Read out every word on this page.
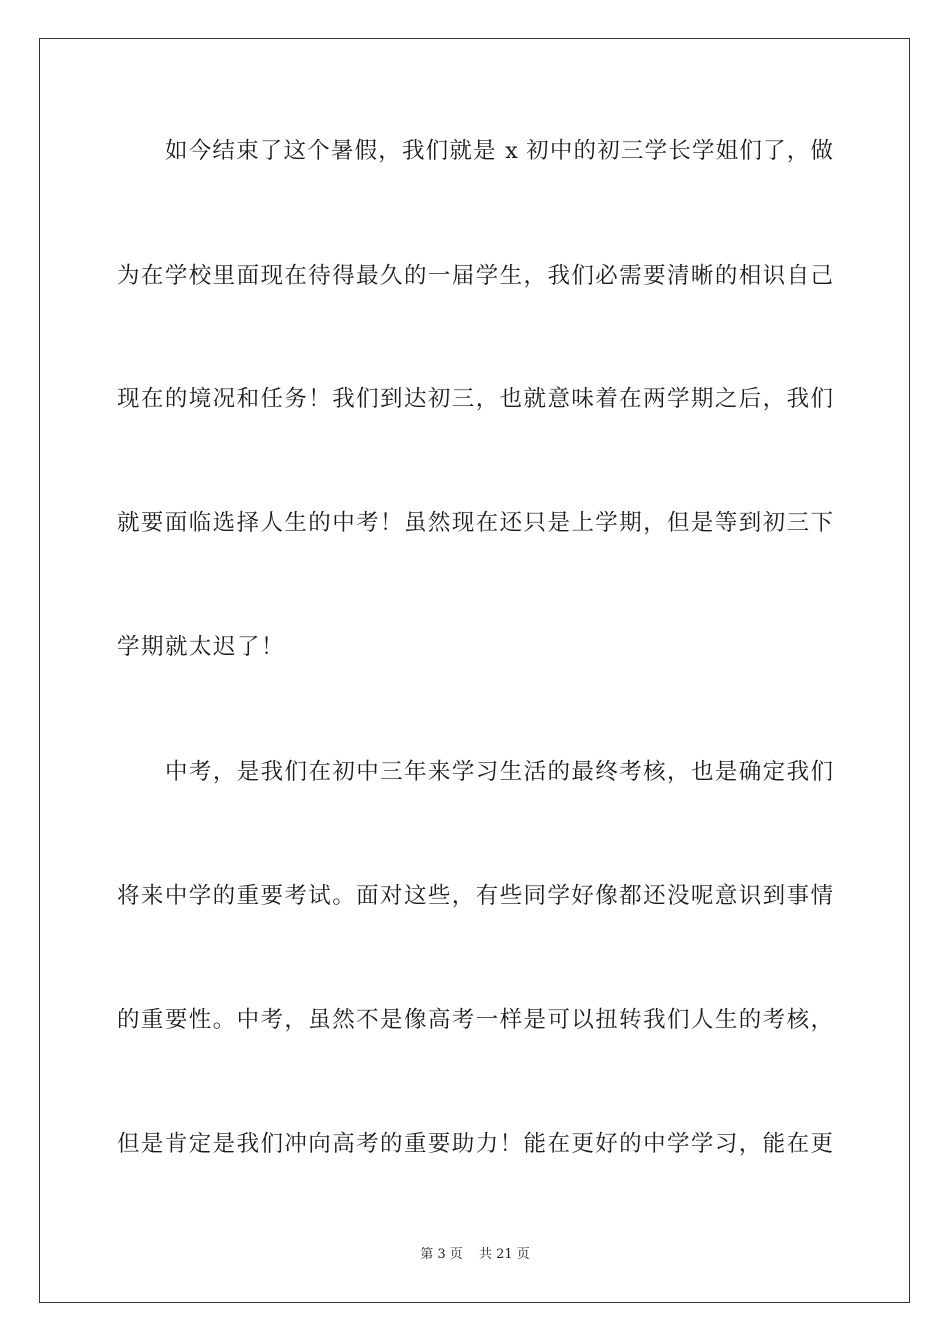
如今结束了这个暑假，我们就是 x 初中的初三学长学姐们了，做
为在学校里面现在待得最久的一届学生，我们必需要清晰的相识自己
现在的境况和任务！我们到达初三，也就意味着在两学期之后，我们
就要面临选择人生的中考！虽然现在还只是上学期，但是等到初三下
学期就太迟了！
中考，是我们在初中三年来学习生活的最终考核，也是确定我们
将来中学的重要考试。面对这些，有些同学好像都还没呢意识到事情
的重要性。中考，虽然不是像高考一样是可以扭转我们人生的考核，
但是肯定是我们冲向高考的重要助力！能在更好的中学学习，能在更
第 3 页 共 21 页
